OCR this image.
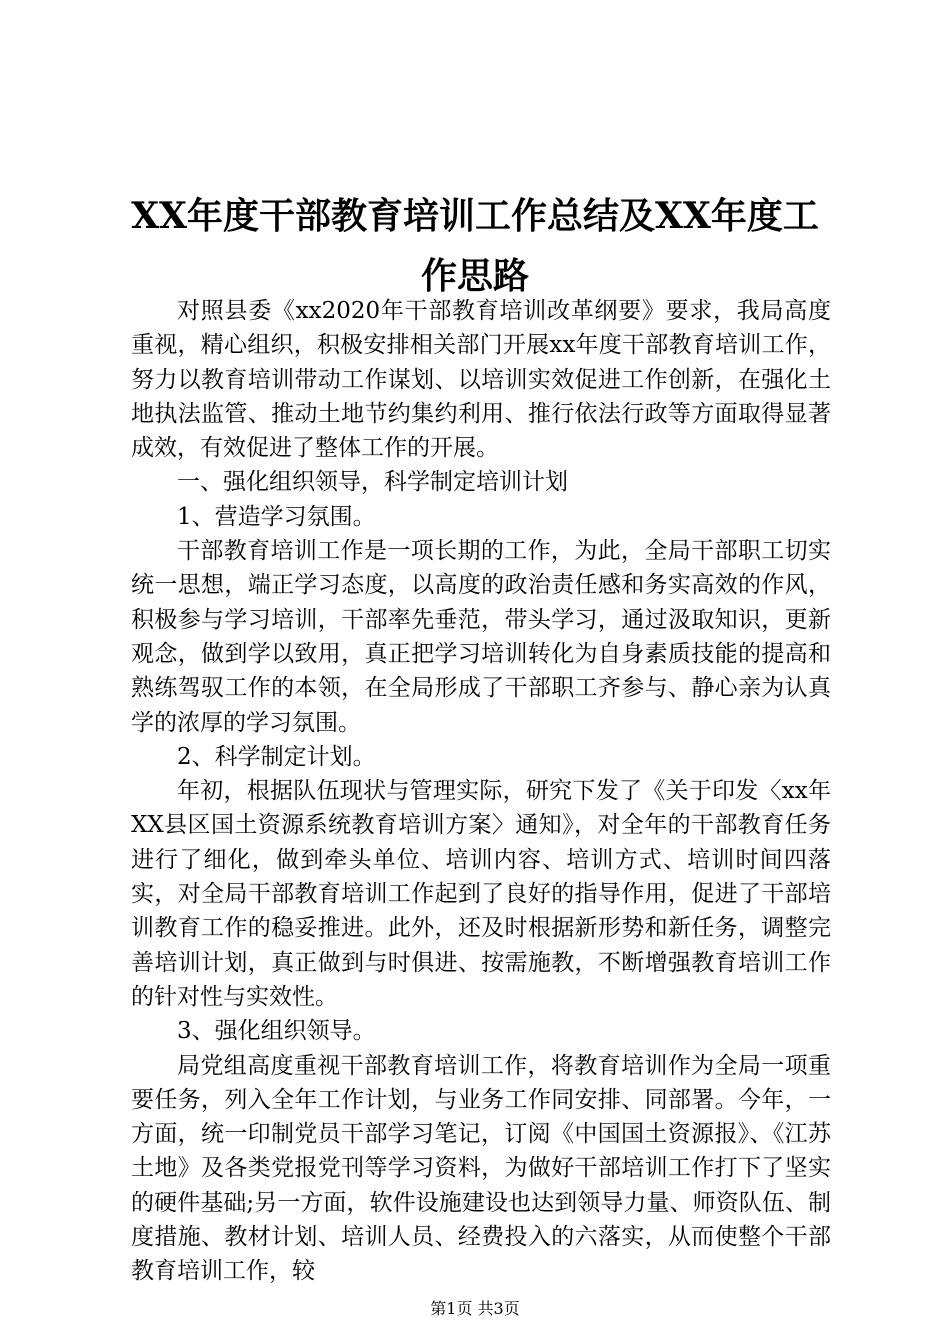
XX年度干部教育培训工作总结及XX年度工作思路

对照县委《xx2020年干部教育培训改革纲要》要求，我局高度重视，精心组织，积极安排相关部门开展xx年度干部教育培训工作，努力以教育培训带动工作谋划、以培训实效促进工作创新，在强化土地执法监管、推动土地节约集约利用、推行依法行政等方面取得显著成效，有效促进了整体工作的开展。

一、强化组织领导，科学制定培训计划

1、营造学习氛围。

干部教育培训工作是一项长期的工作，为此，全局干部职工切实统一思想，端正学习态度，以高度的政治责任感和务实高效的作风，积极参与学习培训，干部率先垂范，带头学习，通过汲取知识，更新观念，做到学以致用，真正把学习培训转化为自身素质技能的提高和熟练驾驭工作的本领，在全局形成了干部职工齐参与、静心亲为认真学的浓厚的学习氛围。

2、科学制定计划。

年初，根据队伍现状与管理实际，研究下发了《关于印发〈xx年XX县区国土资源系统教育培训方案〉通知》，对全年的干部教育任务进行了细化，做到牵头单位、培训内容、培训方式、培训时间四落实，对全局干部教育培训工作起到了良好的指导作用，促进了干部培训教育工作的稳妥推进。此外，还及时根据新形势和新任务，调整完善培训计划，真正做到与时俱进、按需施教，不断增强教育培训工作的针对性与实效性。

3、强化组织领导。

局党组高度重视干部教育培训工作，将教育培训作为全局一项重要任务，列入全年工作计划，与业务工作同安排、同部署。今年，一方面，统一印制党员干部学习笔记，订阅《中国国土资源报》、《江苏土地》及各类党报党刊等学习资料，为做好干部培训工作打下了坚实的硬件基础;另一方面，软件设施建设也达到领导力量、师资队伍、制度措施、教材计划、培训人员、经费投入的六落实，从而使整个干部教育培训工作，较

第1页 共3页
